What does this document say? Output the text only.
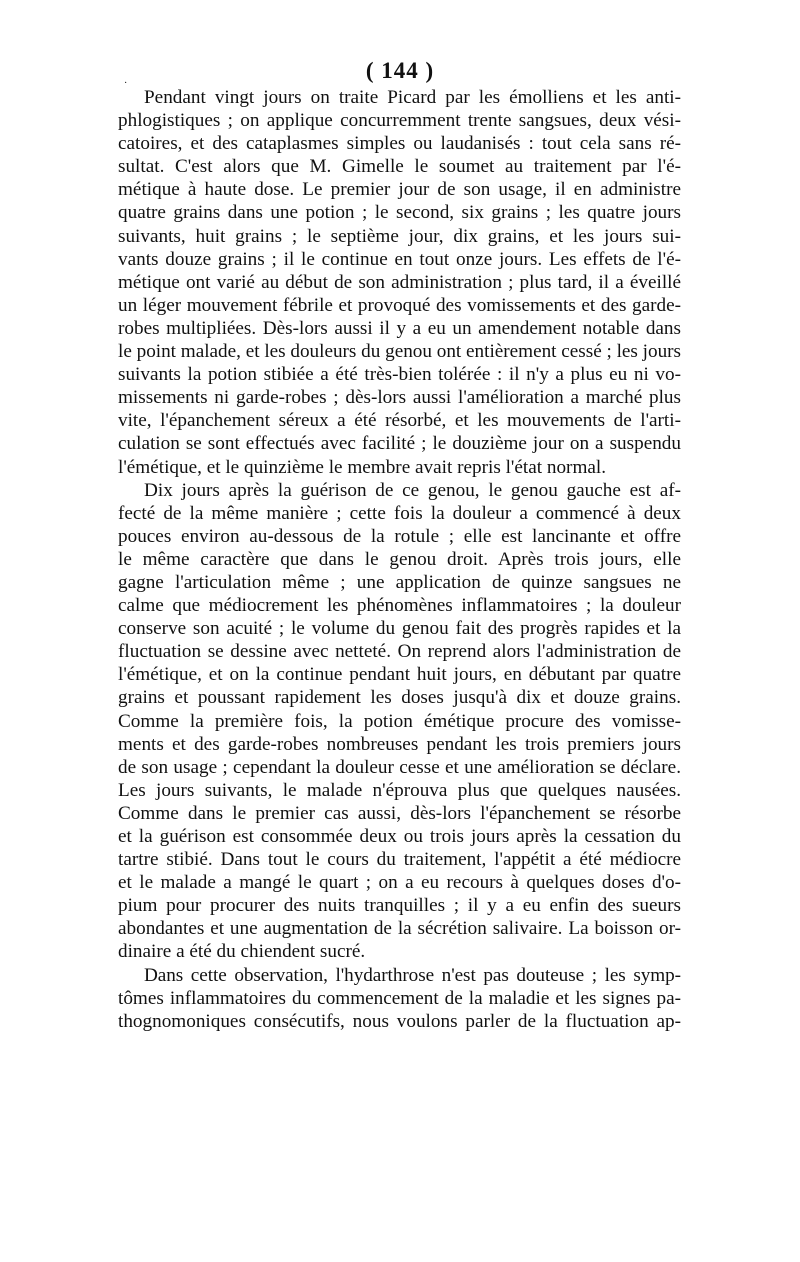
( 144 )
·
Pendant vingt jours on traite Picard par les émolliens et les anti-
phlogistiques ; on applique concurremment trente sangsues, deux vési-
catoires, et des cataplasmes simples ou laudanisés : tout cela sans ré-
sultat. C'est alors que M. Gimelle le soumet au traitement par l'é-
métique à haute dose. Le premier jour de son usage, il en administre
quatre grains dans une potion ; le second, six grains ; les quatre jours
suivants, huit grains ; le septième jour, dix grains, et les jours sui-
vants douze grains ; il le continue en tout onze jours. Les effets de l'é-
métique ont varié au début de son administration ; plus tard, il a éveillé
un léger mouvement fébrile et provoqué des vomissements et des garde-
robes multipliées. Dès-lors aussi il y a eu un amendement notable dans
le point malade, et les douleurs du genou ont entièrement cessé ; les jours
suivants la potion stibiée a été très-bien tolérée : il n'y a plus eu ni vo-
missements ni garde-robes ; dès-lors aussi l'amélioration a marché plus
vite, l'épanchement séreux a été résorbé, et les mouvements de l'arti-
culation se sont effectués avec facilité ; le douzième jour on a suspendu
l'émétique, et le quinzième le membre avait repris l'état normal.
Dix jours après la guérison de ce genou, le genou gauche est af-
fecté de la même manière ; cette fois la douleur a commencé à deux
pouces environ au-dessous de la rotule ; elle est lancinante et offre
le même caractère que dans le genou droit. Après trois jours, elle
gagne l'articulation même ; une application de quinze sangsues ne
calme que médiocrement les phénomènes inflammatoires ; la douleur
conserve son acuité ; le volume du genou fait des progrès rapides et la
fluctuation se dessine avec netteté. On reprend alors l'administration de
l'émétique, et on la continue pendant huit jours, en débutant par quatre
grains et poussant rapidement les doses jusqu'à dix et douze grains.
Comme la première fois, la potion émétique procure des vomisse-
ments et des garde-robes nombreuses pendant les trois premiers jours
de son usage ; cependant la douleur cesse et une amélioration se déclare.
Les jours suivants, le malade n'éprouva plus que quelques nausées.
Comme dans le premier cas aussi, dès-lors l'épanchement se résorbe
et la guérison est consommée deux ou trois jours après la cessation du
tartre stibié. Dans tout le cours du traitement, l'appétit a été médiocre
et le malade a mangé le quart ; on a eu recours à quelques doses d'o-
pium pour procurer des nuits tranquilles ; il y a eu enfin des sueurs
abondantes et une augmentation de la sécrétion salivaire. La boisson or-
dinaire a été du chiendent sucré.
Dans cette observation, l'hydarthrose n'est pas douteuse ; les symp-
tômes inflammatoires du commencement de la maladie et les signes pa-
thognomoniques consécutifs, nous voulons parler de la fluctuation ap-
